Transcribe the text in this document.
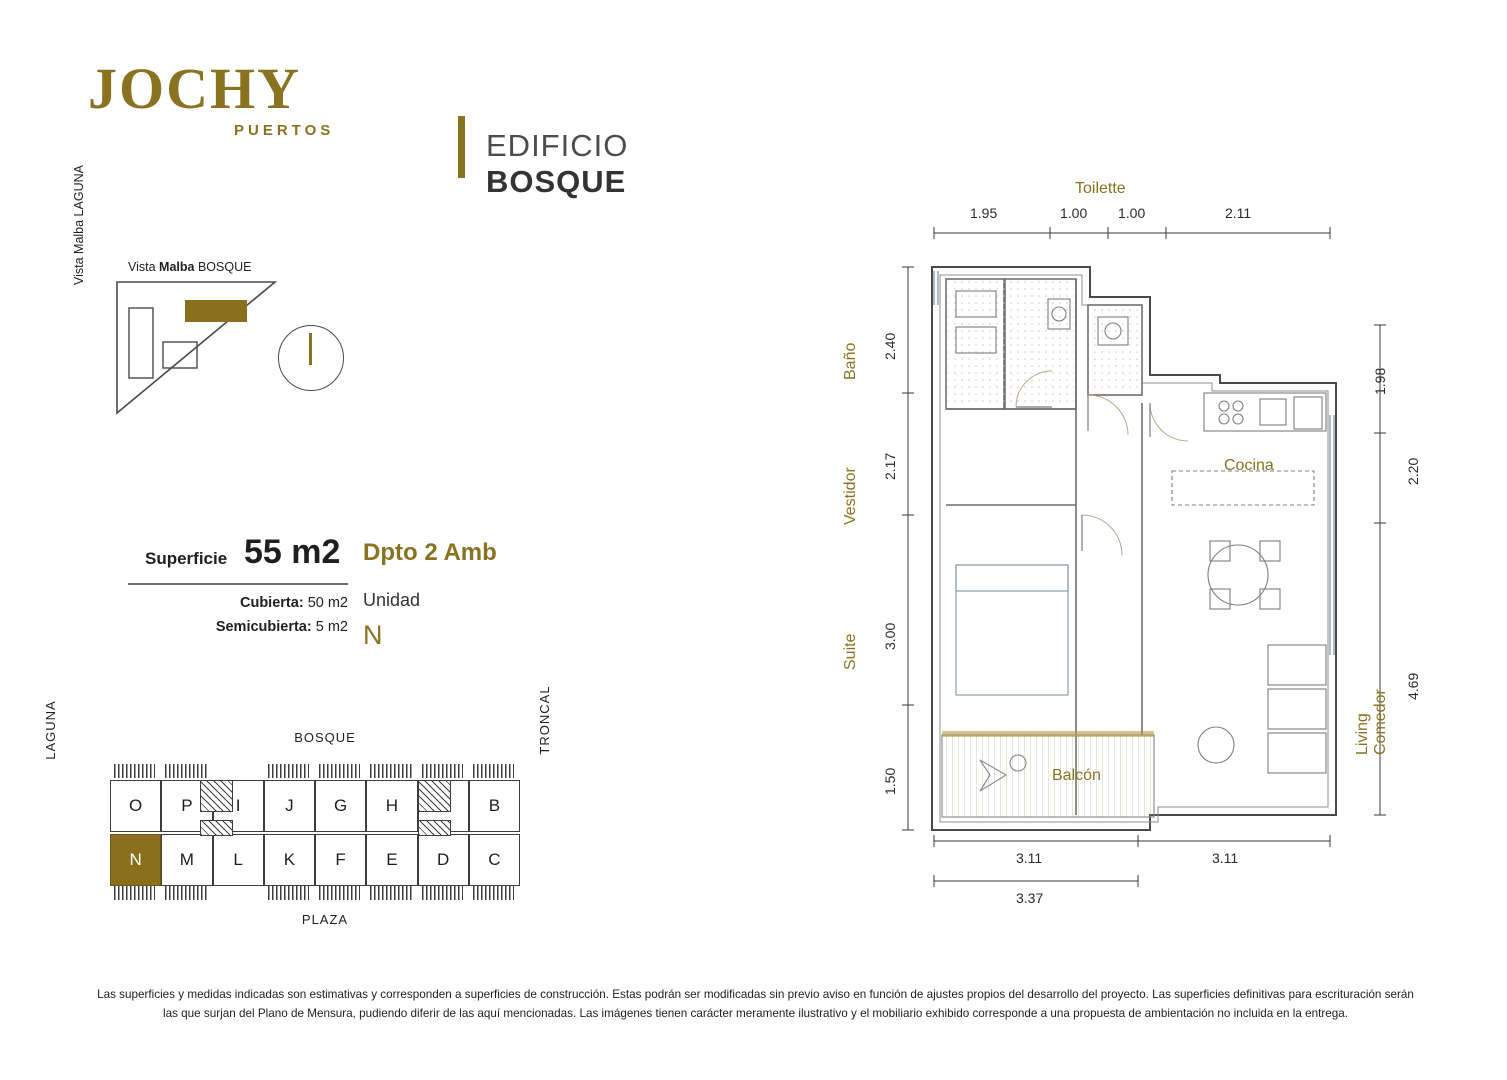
JOCHY
PUERTOS	EDIFICIO BOSQUE
Vista Malba BOSQUE
Vista Malba LAGUNA
Superficie 55 m2
Cubierta: 50 m2
Semicubierta: 5 m2
Dpto 2 Amb
Unidad
N
BOSQUE
PLAZA
LAGUNA	TRONCAL
O P	I	J G H	B
N M L K F E D C
1.95	1.00 1.00	2.11
2.40
2.17
3.00
1.50
1.98
2.20
4.69
3.11	3.11
3.37
Toilette
Baño
Vestidor
Suite
Cocina
Living Comedor
Balcón
Las superficies y medidas indicadas son estimativas y corresponden a superficies de construcción. Estas podrán ser modificadas sin previo aviso en función de ajustes propios del desarrollo del proyecto. Las superficies definitivas para escrituración serán las que surjan del Plano de Mensura, pudiendo diferir de las aquí mencionadas. Las imágenes tienen carácter meramente ilustrativo y el mobiliario exhibido corresponde a una propuesta de ambientación no incluida en la entrega.
